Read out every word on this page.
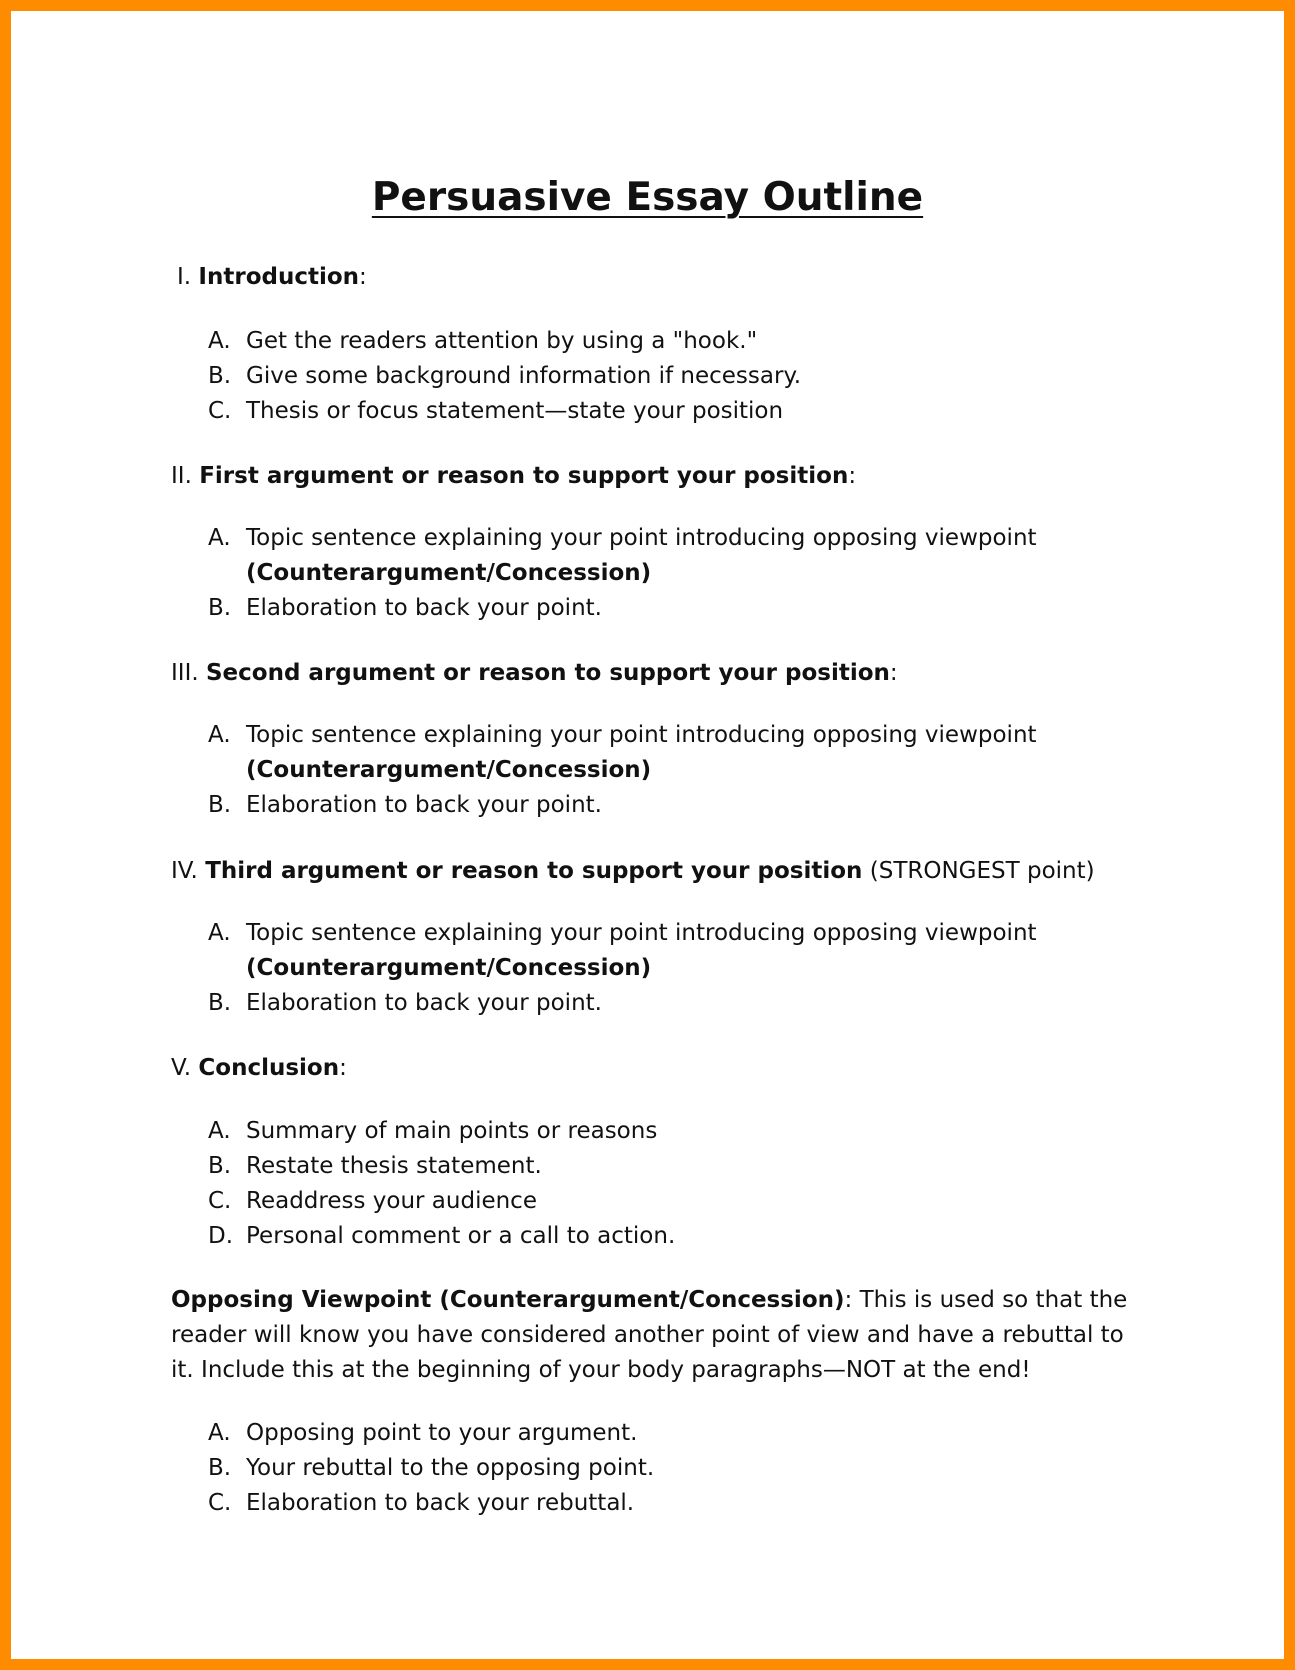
Persuasive Essay Outline

I. Introduction:

A. Get the readers attention by using a "hook."
B. Give some background information if necessary.
C. Thesis or focus statement—state your position

II. First argument or reason to support your position:

A. Topic sentence explaining your point introducing opposing viewpoint
(Counterargument/Concession)
B. Elaboration to back your point.

III. Second argument or reason to support your position:

A. Topic sentence explaining your point introducing opposing viewpoint
(Counterargument/Concession)
B. Elaboration to back your point.

IV. Third argument or reason to support your position (STRONGEST point)

A. Topic sentence explaining your point introducing opposing viewpoint
(Counterargument/Concession)
B. Elaboration to back your point.

V. Conclusion:

A. Summary of main points or reasons
B. Restate thesis statement.
C. Readdress your audience
D. Personal comment or a call to action.

Opposing Viewpoint (Counterargument/Concession): This is used so that the reader will know you have considered another point of view and have a rebuttal to it. Include this at the beginning of your body paragraphs—NOT at the end!

A. Opposing point to your argument.
B. Your rebuttal to the opposing point.
C. Elaboration to back your rebuttal.
